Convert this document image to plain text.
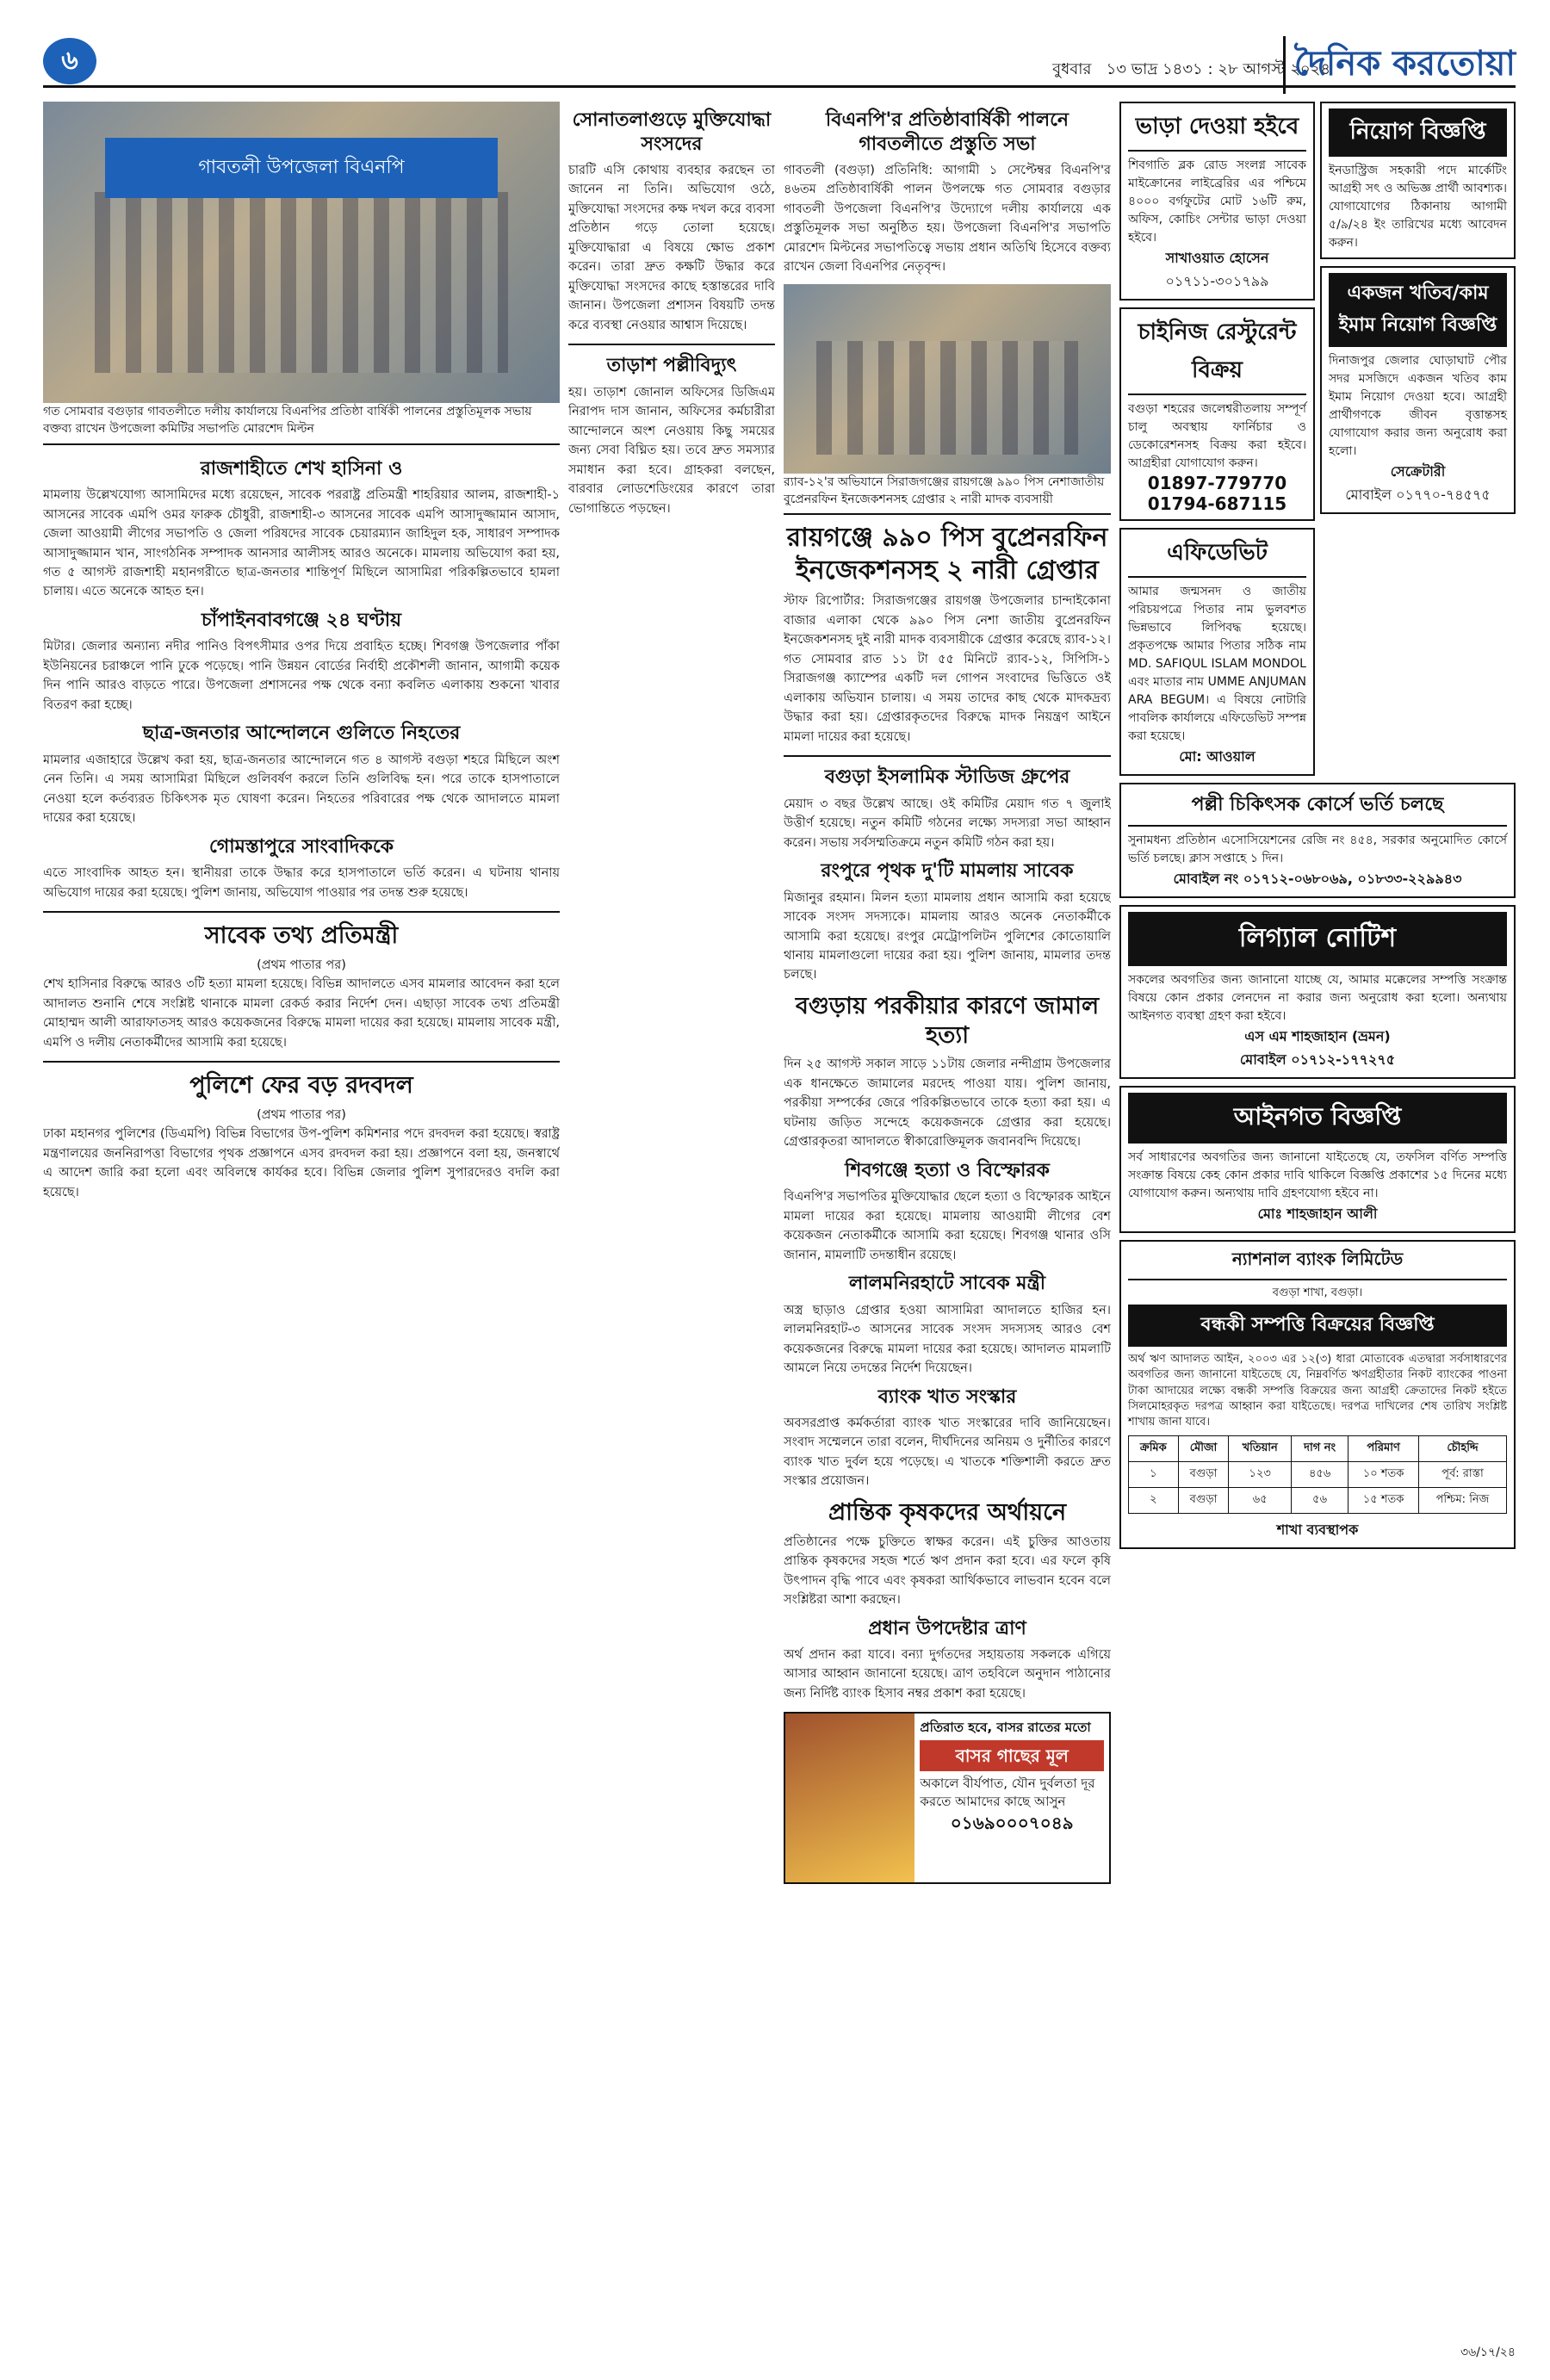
৬	বুধবার ১৩ ভাদ্র ১৪৩১ : ২৮ আগস্ট ২০২৪
দৈনিক করতোয়া
গাবতলী উপজেলা বিএনপি
গত সোমবার বগুড়ার গাবতলীতে দলীয় কার্যালয়ে বিএনপির প্রতিষ্ঠা বার্ষিকী পালনের প্রস্তুতিমূলক সভায় বক্তব্য রাখেন উপজেলা কমিটির সভাপতি মোরশেদ মিল্টন
রাজশাহীতে শেখ হাসিনা ও
মামলায় উল্লেখযোগ্য আসামিদের মধ্যে রয়েছেন, সাবেক পররাষ্ট্র প্রতিমন্ত্রী শাহরিয়ার আলম, রাজশাহী-১ আসনের সাবেক এমপি ওমর ফারুক চৌধুরী, রাজশাহী-৩ আসনের সাবেক এমপি আসাদুজ্জামান আসাদ, জেলা আওয়ামী লীগের সভাপতি ও জেলা পরিষদের সাবেক চেয়ারম্যান জাহিদুল হক, সাধারণ সম্পাদক আসাদুজ্জামান খান, সাংগঠনিক সম্পাদক আনসার আলীসহ আরও অনেকে। মামলায় অভিযোগ করা হয়, গত ৫ আগস্ট রাজশাহী মহানগরীতে ছাত্র-জনতার শান্তিপূর্ণ মিছিলে আসামিরা পরিকল্পিতভাবে হামলা চালায়। এতে অনেকে আহত হন।
চাঁপাইনবাবগঞ্জে ২৪ ঘণ্টায়
মিটার। জেলার অন্যান্য নদীর পানিও বিপৎসীমার ওপর দিয়ে প্রবাহিত হচ্ছে। শিবগঞ্জ উপজেলার পাঁকা ইউনিয়নের চরাঞ্চলে পানি ঢুকে পড়েছে। পানি উন্নয়ন বোর্ডের নির্বাহী প্রকৌশলী জানান, আগামী কয়েক দিন পানি আরও বাড়তে পারে। উপজেলা প্রশাসনের পক্ষ থেকে বন্যা কবলিত এলাকায় শুকনো খাবার বিতরণ করা হচ্ছে।
ছাত্র-জনতার আন্দোলনে গুলিতে নিহতের
মামলার এজাহারে উল্লেখ করা হয়, ছাত্র-জনতার আন্দোলনে গত ৪ আগস্ট বগুড়া শহরে মিছিলে অংশ নেন তিনি। এ সময় আসামিরা মিছিলে গুলিবর্ষণ করলে তিনি গুলিবিদ্ধ হন। পরে তাকে হাসপাতালে নেওয়া হলে কর্তব্যরত চিকিৎসক মৃত ঘোষণা করেন। নিহতের পরিবারের পক্ষ থেকে আদালতে মামলা দায়ের করা হয়েছে।
গোমস্তাপুরে সাংবাদিককে
এতে সাংবাদিক আহত হন। স্থানীয়রা তাকে উদ্ধার করে হাসপাতালে ভর্তি করেন। এ ঘটনায় থানায় অভিযোগ দায়ের করা হয়েছে। পুলিশ জানায়, অভিযোগ পাওয়ার পর তদন্ত শুরু হয়েছে।
সাবেক তথ্য প্রতিমন্ত্রী
(প্রথম পাতার পর)
শেখ হাসিনার বিরুদ্ধে আরও ৩টি হত্যা মামলা হয়েছে। বিভিন্ন আদালতে এসব মামলার আবেদন করা হলে আদালত শুনানি শেষে সংশ্লিষ্ট থানাকে মামলা রেকর্ড করার নির্দেশ দেন। এছাড়া সাবেক তথ্য প্রতিমন্ত্রী মোহাম্মদ আলী আরাফাতসহ আরও কয়েকজনের বিরুদ্ধে মামলা দায়ের করা হয়েছে। মামলায় সাবেক মন্ত্রী, এমপি ও দলীয় নেতাকর্মীদের আসামি করা হয়েছে।
পুলিশে ফের বড় রদবদল
(প্রথম পাতার পর)
ঢাকা মহানগর পুলিশের (ডিএমপি) বিভিন্ন বিভাগের উপ-পুলিশ কমিশনার পদে রদবদল করা হয়েছে। স্বরাষ্ট্র মন্ত্রণালয়ের জননিরাপত্তা বিভাগের পৃথক প্রজ্ঞাপনে এসব রদবদল করা হয়। প্রজ্ঞাপনে বলা হয়, জনস্বার্থে এ আদেশ জারি করা হলো এবং অবিলম্বে কার্যকর হবে। বিভিন্ন জেলার পুলিশ সুপারদেরও বদলি করা হয়েছে।
সোনাতলাগুড়ে মুক্তিযোদ্ধা সংসদের
চারটি এসি কোথায় ব্যবহার করছেন তা জানেন না তিনি। অভিযোগ ওঠে, মুক্তিযোদ্ধা সংসদের কক্ষ দখল করে ব্যবসা প্রতিষ্ঠান গড়ে তোলা হয়েছে। মুক্তিযোদ্ধারা এ বিষয়ে ক্ষোভ প্রকাশ করেন। তারা দ্রুত কক্ষটি উদ্ধার করে মুক্তিযোদ্ধা সংসদের কাছে হস্তান্তরের দাবি জানান। উপজেলা প্রশাসন বিষয়টি তদন্ত করে ব্যবস্থা নেওয়ার আশ্বাস দিয়েছে।
তাড়াশ পল্লীবিদ্যুৎ
হয়। তাড়াশ জোনাল অফিসের ডিজিএম নিরাপদ দাস জানান, অফিসের কর্মচারীরা আন্দোলনে অংশ নেওয়ায় কিছু সময়ের জন্য সেবা বিঘ্নিত হয়। তবে দ্রুত সমস্যার সমাধান করা হবে। গ্রাহকরা বলছেন, বারবার লোডশেডিংয়ের কারণে তারা ভোগান্তিতে পড়ছেন।
বিএনপি'র প্রতিষ্ঠাবার্ষিকী পালনে গাবতলীতে প্রস্তুতি সভা
গাবতলী (বগুড়া) প্রতিনিধি: আগামী ১ সেপ্টেম্বর বিএনপি'র ৪৬তম প্রতিষ্ঠাবার্ষিকী পালন উপলক্ষে গত সোমবার বগুড়ার গাবতলী উপজেলা বিএনপি'র উদ্যোগে দলীয় কার্যালয়ে এক প্রস্তুতিমূলক সভা অনুষ্ঠিত হয়। উপজেলা বিএনপি'র সভাপতি মোরশেদ মিল্টনের সভাপতিত্বে সভায় প্রধান অতিথি হিসেবে বক্তব্য রাখেন জেলা বিএনপির নেতৃবৃন্দ।
র‍্যাব-১২'র অভিযানে সিরাজগঞ্জের রায়গঞ্জে ৯৯০ পিস নেশাজাতীয় বুপ্রেনরফিন ইনজেকশনসহ গ্রেপ্তার ২ নারী মাদক ব্যবসায়ী
রায়গঞ্জে ৯৯০ পিস বুপ্রেনরফিন ইনজেকশনসহ ২ নারী গ্রেপ্তার
স্টাফ রিপোর্টার: সিরাজগঞ্জের রায়গঞ্জ উপজেলার চান্দাইকোনা বাজার এলাকা থেকে ৯৯০ পিস নেশা জাতীয় বুপ্রেনরফিন ইনজেকশনসহ দুই নারী মাদক ব্যবসায়ীকে গ্রেপ্তার করেছে র‍্যাব-১২। গত সোমবার রাত ১১ টা ৫৫ মিনিটে র‍্যাব-১২, সিপিসি-১ সিরাজগঞ্জ ক্যাম্পের একটি দল গোপন সংবাদের ভিত্তিতে ওই এলাকায় অভিযান চালায়। এ সময় তাদের কাছ থেকে মাদকদ্রব্য উদ্ধার করা হয়। গ্রেপ্তারকৃতদের বিরুদ্ধে মাদক নিয়ন্ত্রণ আইনে মামলা দায়ের করা হয়েছে।
বগুড়া ইসলামিক স্টাডিজ গ্রুপের
মেয়াদ ৩ বছর উল্লেখ আছে। ওই কমিটির মেয়াদ গত ৭ জুলাই উত্তীর্ণ হয়েছে। নতুন কমিটি গঠনের লক্ষ্যে সদস্যরা সভা আহ্বান করেন। সভায় সর্বসম্মতিক্রমে নতুন কমিটি গঠন করা হয়।
রংপুরে পৃথক দু'টি মামলায় সাবেক
মিজানুর রহমান। মিলন হত্যা মামলায় প্রধান আসামি করা হয়েছে সাবেক সংসদ সদস্যকে। মামলায় আরও অনেক নেতাকর্মীকে আসামি করা হয়েছে। রংপুর মেট্রোপলিটন পুলিশের কোতোয়ালি থানায় মামলাগুলো দায়ের করা হয়। পুলিশ জানায়, মামলার তদন্ত চলছে।
বগুড়ায় পরকীয়ার কারণে জামাল হত্যা
দিন ২৫ আগস্ট সকাল সাড়ে ১১টায় জেলার নন্দীগ্রাম উপজেলার এক ধানক্ষেতে জামালের মরদেহ পাওয়া যায়। পুলিশ জানায়, পরকীয়া সম্পর্কের জেরে পরিকল্পিতভাবে তাকে হত্যা করা হয়। এ ঘটনায় জড়িত সন্দেহে কয়েকজনকে গ্রেপ্তার করা হয়েছে। গ্রেপ্তারকৃতরা আদালতে স্বীকারোক্তিমূলক জবানবন্দি দিয়েছে।
শিবগঞ্জে হত্যা ও বিস্ফোরক
বিএনপি'র সভাপতির মুক্তিযোদ্ধার ছেলে হত্যা ও বিস্ফোরক আইনে মামলা দায়ের করা হয়েছে। মামলায় আওয়ামী লীগের বেশ কয়েকজন নেতাকর্মীকে আসামি করা হয়েছে। শিবগঞ্জ থানার ওসি জানান, মামলাটি তদন্তাধীন রয়েছে।
লালমনিরহাটে সাবেক মন্ত্রী
অস্ত্র ছাড়াও গ্রেপ্তার হওয়া আসামিরা আদালতে হাজির হন। লালমনিরহাট-৩ আসনের সাবেক সংসদ সদস্যসহ আরও বেশ কয়েকজনের বিরুদ্ধে মামলা দায়ের করা হয়েছে। আদালত মামলাটি আমলে নিয়ে তদন্তের নির্দেশ দিয়েছেন।
ব্যাংক খাত সংস্কার
অবসরপ্রাপ্ত কর্মকর্তারা ব্যাংক খাত সংস্কারের দাবি জানিয়েছেন। সংবাদ সম্মেলনে তারা বলেন, দীর্ঘদিনের অনিয়ম ও দুর্নীতির কারণে ব্যাংক খাত দুর্বল হয়ে পড়েছে। এ খাতকে শক্তিশালী করতে দ্রুত সংস্কার প্রয়োজন।
প্রান্তিক কৃষকদের অর্থায়নে
প্রতিষ্ঠানের পক্ষে চুক্তিতে স্বাক্ষর করেন। এই চুক্তির আওতায় প্রান্তিক কৃষকদের সহজ শর্তে ঋণ প্রদান করা হবে। এর ফলে কৃষি উৎপাদন বৃদ্ধি পাবে এবং কৃষকরা আর্থিকভাবে লাভবান হবেন বলে সংশ্লিষ্টরা আশা করছেন।
প্রধান উপদেষ্টার ত্রাণ
অর্থ প্রদান করা যাবে। বন্যা দুর্গতদের সহায়তায় সকলকে এগিয়ে আসার আহ্বান জানানো হয়েছে। ত্রাণ তহবিলে অনুদান পাঠানোর জন্য নির্দিষ্ট ব্যাংক হিসাব নম্বর প্রকাশ করা হয়েছে।
প্রতিরাত হবে, বাসর রাতের মতো
বাসর গাছের মূল
অকালে বীর্যপাত, যৌন দুর্বলতা দূর করতে আমাদের কাছে আসুন
০১৬৯০০০৭০৪৯
ভাড়া দেওয়া হইবে
শিবগাতি ব্লক রোড সংলগ্ন সাবেক মাইক্রোনের লাইব্রেরির এর পশ্চিমে ৪০০০ বর্গফুটের মোট ১৬টি রুম, অফিস, কোচিং সেন্টার ভাড়া দেওয়া হইবে।
সাখাওয়াত হোসেন
০১৭১১-৩০১৭৯৯
চাইনিজ রেস্টুরেন্ট বিক্রয়
বগুড়া শহরের জলেশ্বরীতলায় সম্পূর্ণ চালু অবস্থায় ফার্নিচার ও ডেকোরেশনসহ বিক্রয় করা হইবে। আগ্রহীরা যোগাযোগ করুন।
01897-779770
01794-687115
এফিডেভিট
আমার জন্মসনদ ও জাতীয় পরিচয়পত্রে পিতার নাম ভুলবশত ভিন্নভাবে লিপিবদ্ধ হয়েছে। প্রকৃতপক্ষে আমার পিতার সঠিক নাম MD. SAFIQUL ISLAM MONDOL এবং মাতার নাম UMME ANJUMAN ARA BEGUM। এ বিষয়ে নোটারি পাবলিক কার্যালয়ে এফিডেভিট সম্পন্ন করা হয়েছে।
মো: আওয়াল
নিয়োগ বিজ্ঞপ্তি
ইনডাস্ট্রিজ সহকারী পদে মার্কেটিং আগ্রহী সৎ ও অভিজ্ঞ প্রার্থী আবশ্যক। যোগাযোগের ঠিকানায় আগামী ৫/৯/২৪ ইং তারিখের মধ্যে আবেদন করুন।
একজন খতিব/কাম ইমাম নিয়োগ বিজ্ঞপ্তি
দিনাজপুর জেলার ঘোড়াঘাট পৌর সদর মসজিদে একজন খতিব কাম ইমাম নিয়োগ দেওয়া হবে। আগ্রহী প্রার্থীগণকে জীবন বৃত্তান্তসহ যোগাযোগ করার জন্য অনুরোধ করা হলো।
সেক্রেটারী
মোবাইল ০১৭৭০-৭৪৫৭৫
পল্লী চিকিৎসক কোর্সে ভর্তি চলছে
সুনামধন্য প্রতিষ্ঠান এসোসিয়েশনের রেজি নং ৪৫৪, সরকার অনুমোদিত কোর্সে ভর্তি চলছে। ক্লাস সপ্তাহে ১ দিন।
মোবাইল নং ০১৭১২-০৬৮০৬৯, ০১৮৩৩-২২৯৯৪৩
লিগ্যাল নোটিশ
সকলের অবগতির জন্য জানানো যাচ্ছে যে, আমার মক্কেলের সম্পত্তি সংক্রান্ত বিষয়ে কোন প্রকার লেনদেন না করার জন্য অনুরোধ করা হলো। অন্যথায় আইনগত ব্যবস্থা গ্রহণ করা হইবে।
এস এম শাহজাহান (ভ্রমন)
মোবাইল ০১৭১২-১৭৭২৭৫
আইনগত বিজ্ঞপ্তি
সর্ব সাধারণের অবগতির জন্য জানানো যাইতেছে যে, তফসিল বর্ণিত সম্পত্তি সংক্রান্ত বিষয়ে কেহ কোন প্রকার দাবি থাকিলে বিজ্ঞপ্তি প্রকাশের ১৫ দিনের মধ্যে যোগাযোগ করুন। অন্যথায় দাবি গ্রহণযোগ্য হইবে না।
মোঃ শাহজাহান আলী
ন্যাশনাল ব্যাংক লিমিটেড
বগুড়া শাখা, বগুড়া।
বন্ধকী সম্পত্তি বিক্রয়ের বিজ্ঞপ্তি
অর্থ ঋণ আদালত আইন, ২০০৩ এর ১২(৩) ধারা মোতাবেক এতদ্বারা সর্বসাধারণের অবগতির জন্য জানানো যাইতেছে যে, নিম্নবর্ণিত ঋণগ্রহীতার নিকট ব্যাংকের পাওনা টাকা আদায়ের লক্ষ্যে বন্ধকী সম্পত্তি বিক্রয়ের জন্য আগ্রহী ক্রেতাদের নিকট হইতে সিলমোহরকৃত দরপত্র আহ্বান করা যাইতেছে। দরপত্র দাখিলের শেষ তারিখ সংশ্লিষ্ট শাখায় জানা যাবে।
ক্রমিক	মৌজা	খতিয়ান	দাগ নং	পরিমাণ	চৌহদ্দি
১	বগুড়া	১২৩	৪৫৬	১০ শতক	পূর্ব: রাস্তা
২	বগুড়া	৬৫	৫৬	১৫ শতক	পশ্চিম: নিজ
শাখা ব্যবস্থাপক
৩৬/১৭/২৪
